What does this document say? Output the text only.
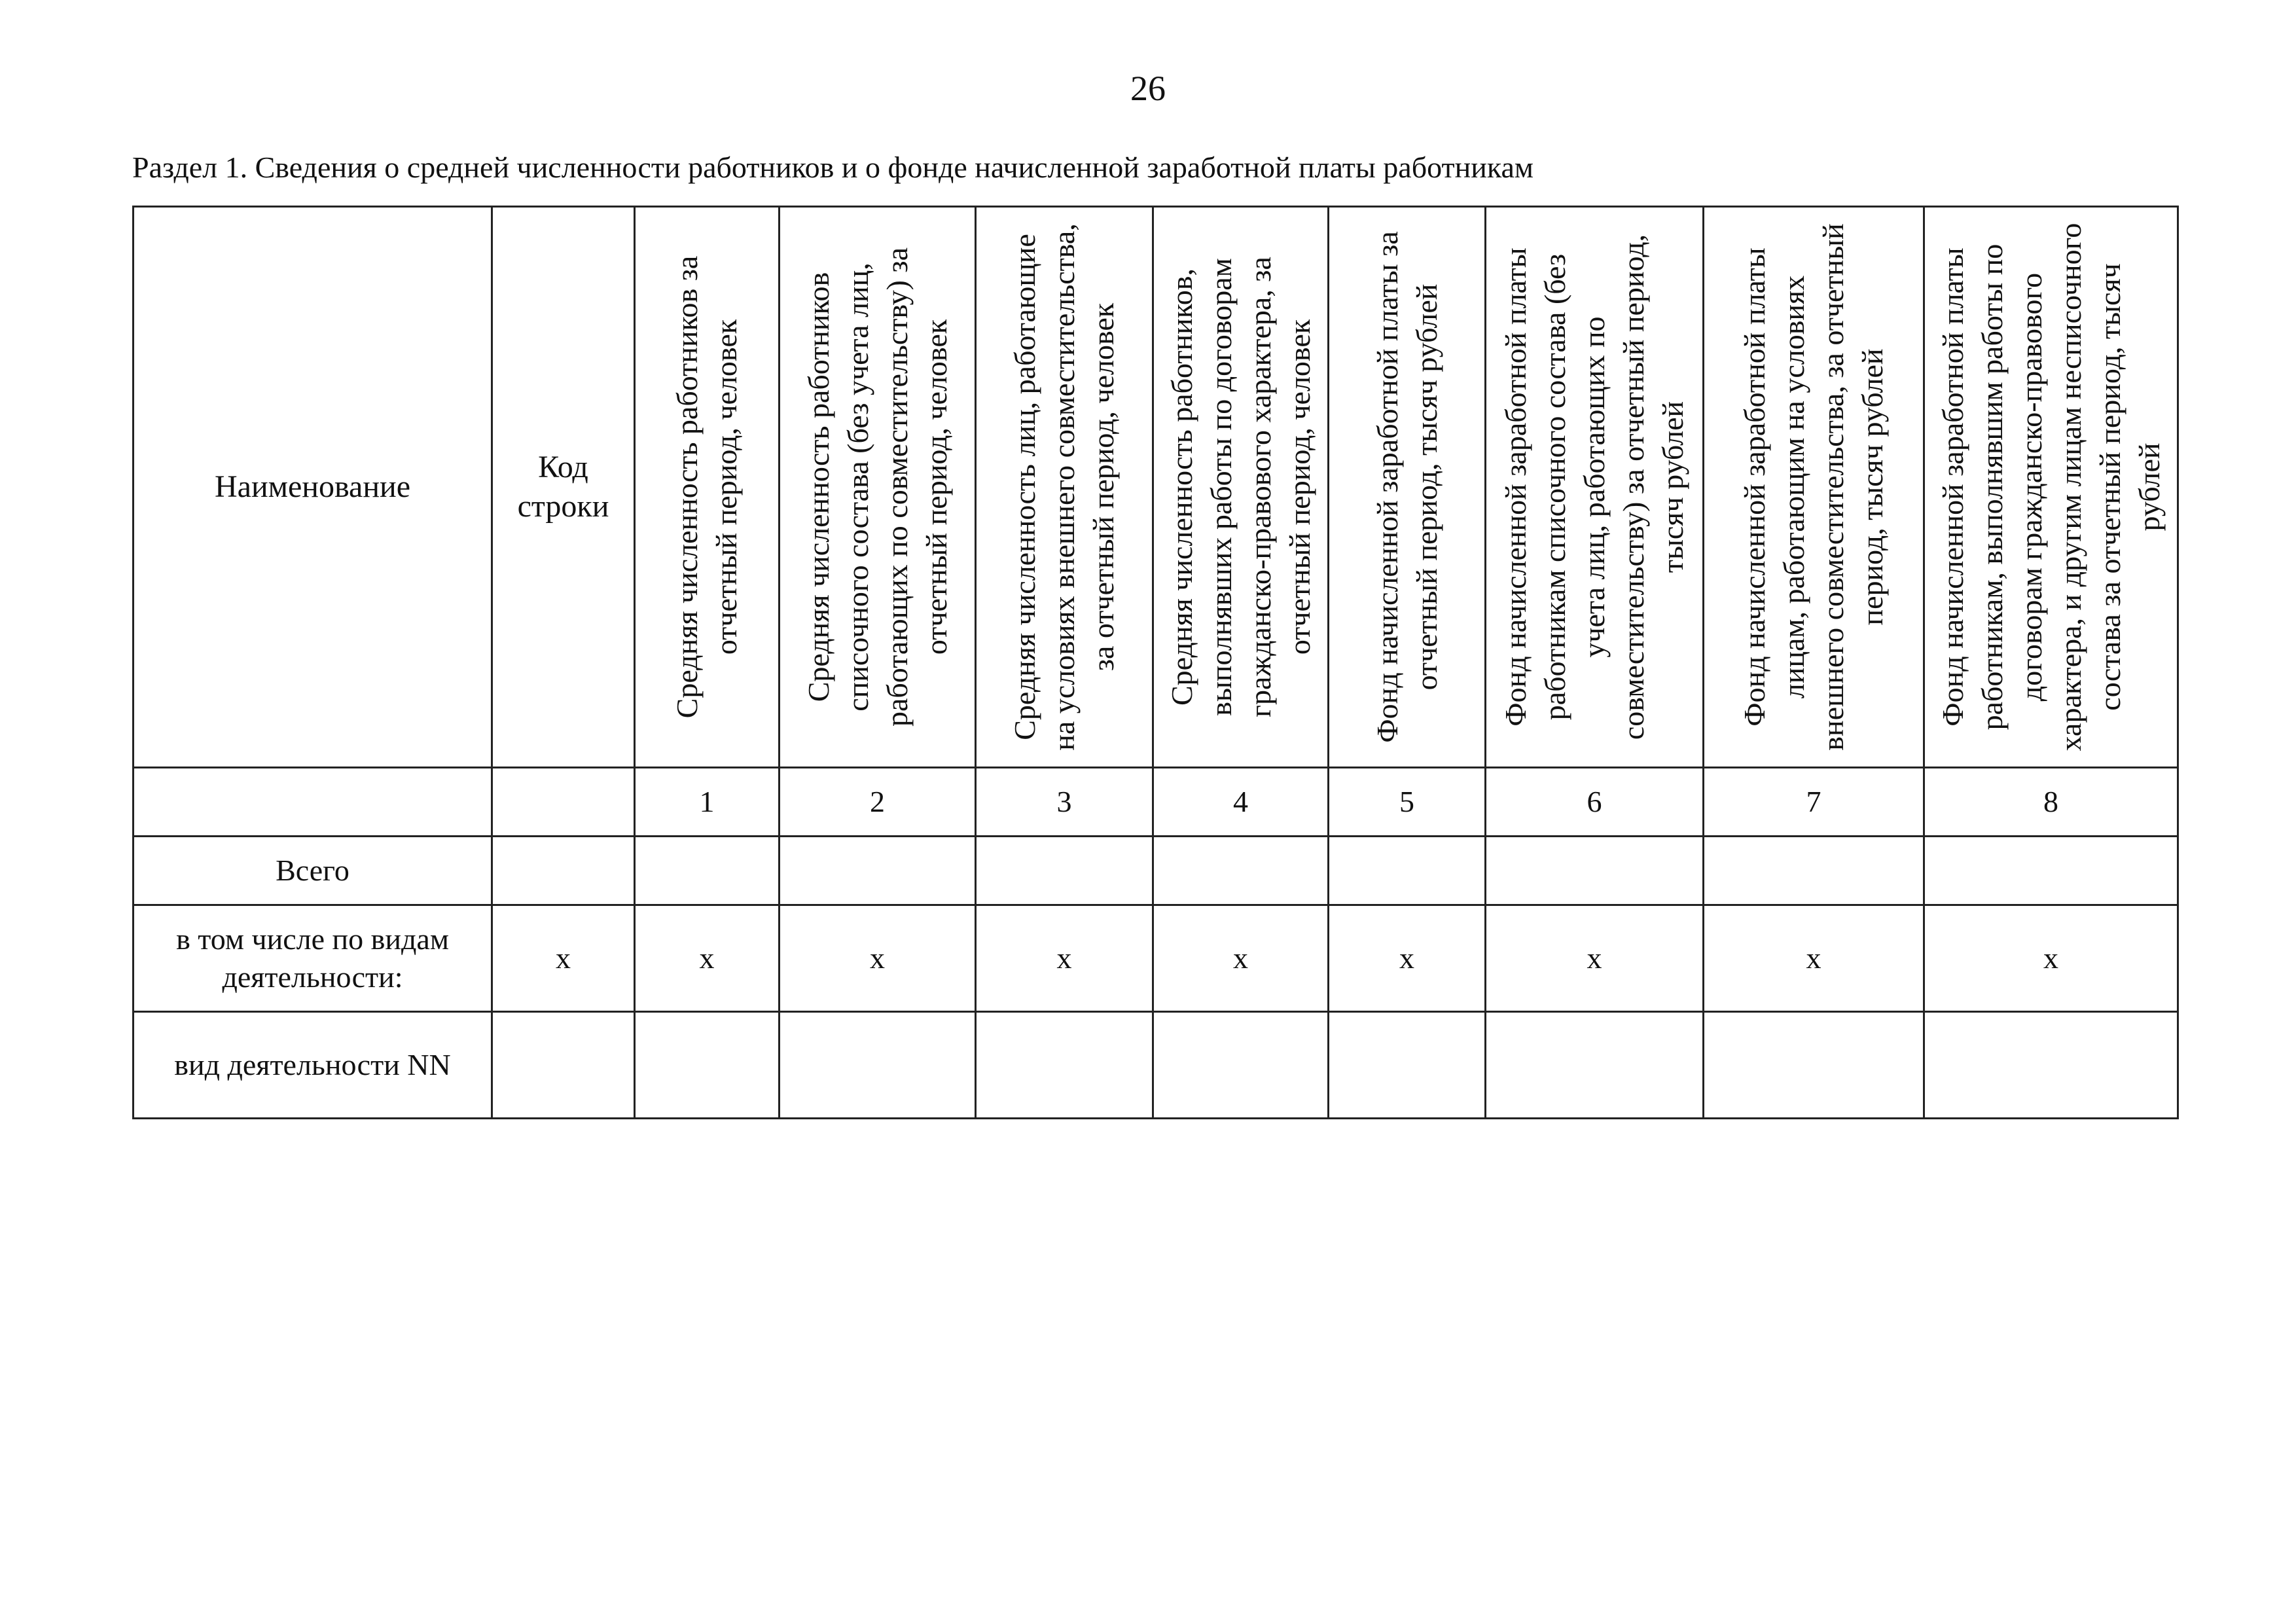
26
Раздел 1. Сведения о средней численности работников и о фонде начисленной заработной платы работникам
Наименование	Код строки	Средняя численность работников за отчетный период, человек	Средняя численность работников списочного состава (без учета лиц, работающих по совместительству) за отчетный период, человек	Средняя численность лиц, работающие на условиях внешнего совместительства, за отчетный период, человек	Средняя численность работников, выполнявших работы по договорам гражданско-правового характера, за отчетный период, человек	Фонд начисленной заработной платы за отчетный период, тысяч рублей	Фонд начисленной заработной платы работникам списочного состава (без учета лиц, работающих по совместительству) за отчетный период, тысяч рублей	Фонд начисленной заработной платы лицам, работающим на условиях внешнего совместительства, за отчетный период, тысяч рублей	Фонд начисленной заработной платы работникам, выполнявшим работы по договорам гражданско-правового характера, и другим лицам несписочного состава за отчетный период, тысяч рублей

		1	2	3	4	5	6	7	8
Всего									
в том числе по видам деятельности:	х	х	х	х	х	х	х	х	х
вид деятельности NN									
